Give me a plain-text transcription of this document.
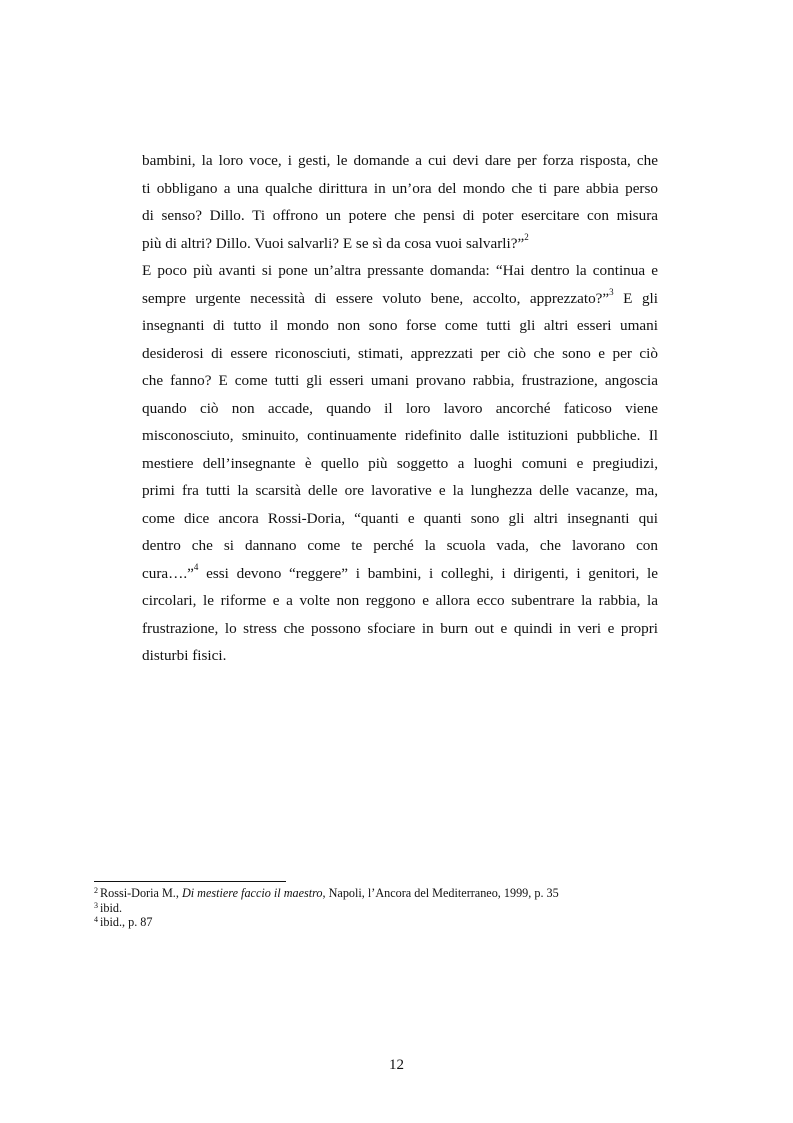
bambini, la loro voce, i gesti, le domande a cui devi dare per forza risposta, che
ti obbligano a una qualche dirittura in un’ora del mondo che ti pare abbia perso
di senso? Dillo. Ti offrono un potere che pensi di poter esercitare con misura
più di altri? Dillo. Vuoi salvarli? E se sì da cosa vuoi salvarli?”$^2$
E poco più avanti si pone un’altra pressante domanda: “Hai dentro la continua e
sempre urgente necessità di essere voluto bene, accolto, apprezzato?”$^3$ E gli
insegnanti di tutto il mondo non sono forse come tutti gli altri esseri umani
desiderosi di essere riconosciuti, stimati, apprezzati per ciò che sono e per ciò
che fanno? E come tutti gli esseri umani provano rabbia, frustrazione, angoscia
quando ciò non accade, quando il loro lavoro ancorché faticoso viene
misconosciuto, sminuito, continuamente ridefinito dalle istituzioni pubbliche. Il
mestiere dell’insegnante è quello più soggetto a luoghi comuni e pregiudizi,
primi fra tutti la scarsità delle ore lavorative e la lunghezza delle vacanze, ma,
come dice ancora Rossi-Doria, “quanti e quanti sono gli altri insegnanti qui
dentro che si dannano come te perché la scuola vada, che lavorano con
cura….”$^4$ essi devono “reggere” i bambini, i colleghi, i dirigenti, i genitori, le
circolari, le riforme e a volte non reggono e allora ecco subentrare la rabbia, la
frustrazione, lo stress che possono sfociare in burn out e quindi in veri e propri
disturbi fisici.
$^2$ Rossi-Doria M., Di mestiere faccio il maestro, Napoli, l’Ancora del Mediterraneo, 1999, p. 35
$^3$ ibid.
$^4$ ibid., p. 87
12
